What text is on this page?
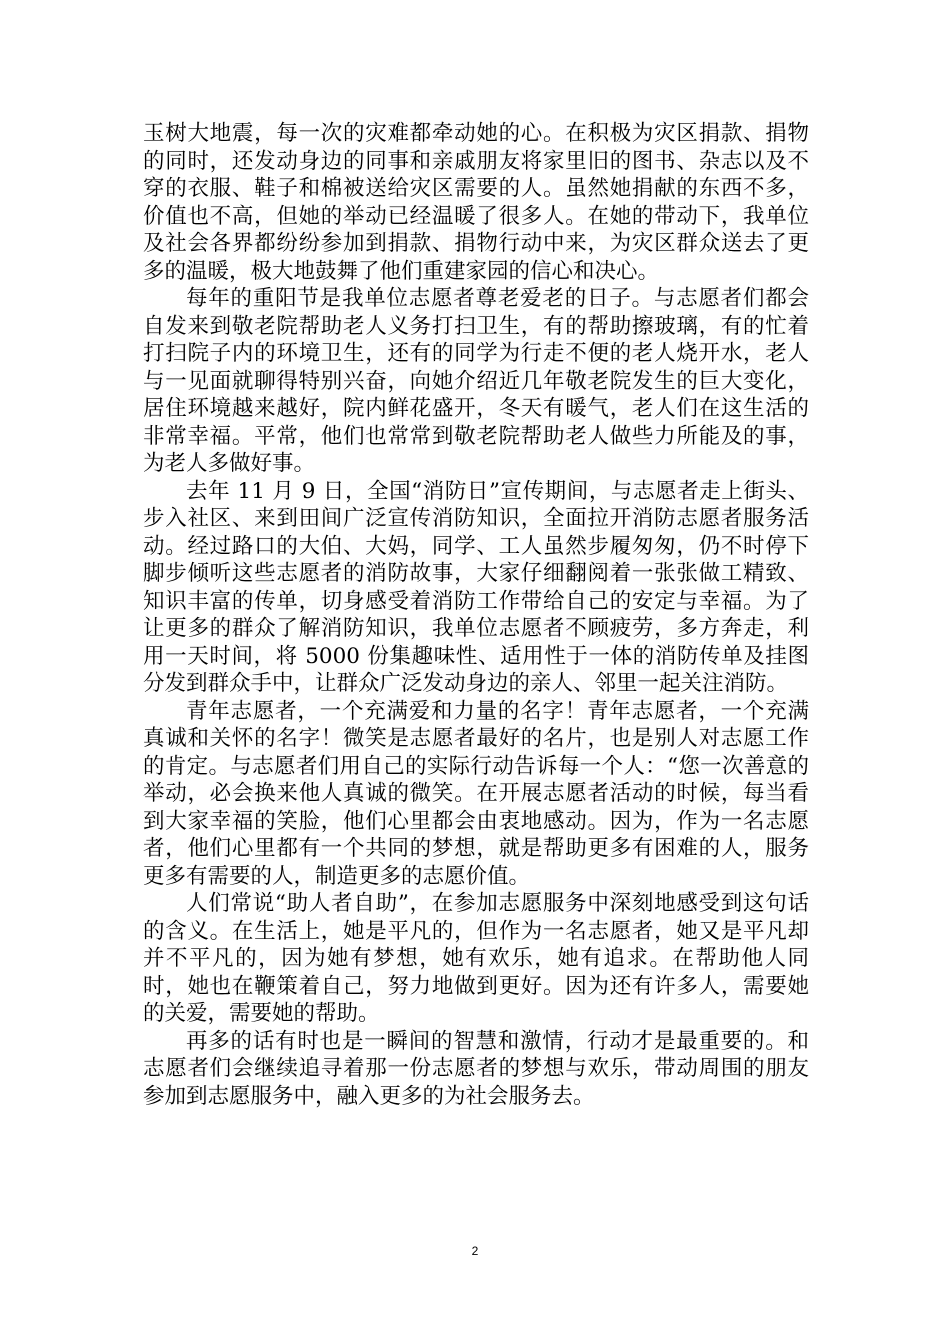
玉树大地震，每一次的灾难都牵动她的心。在积极为灾区捐款、捐物的同时，还发动身边的同事和亲戚朋友将家里旧的图书、杂志以及不穿的衣服、鞋子和棉被送给灾区需要的人。虽然她捐献的东西不多，价值也不高，但她的举动已经温暖了很多人。在她的带动下，我单位及社会各界都纷纷参加到捐款、捐物行动中来，为灾区群众送去了更多的温暖，极大地鼓舞了他们重建家园的信心和决心。

每年的重阳节是我单位志愿者尊老爱老的日子。与志愿者们都会自发来到敬老院帮助老人义务打扫卫生，有的帮助擦玻璃，有的忙着打扫院子内的环境卫生，还有的同学为行走不便的老人烧开水，老人与一见面就聊得特别兴奋，向她介绍近几年敬老院发生的巨大变化，居住环境越来越好，院内鲜花盛开，冬天有暖气，老人们在这生活的非常幸福。平常，他们也常常到敬老院帮助老人做些力所能及的事，为老人多做好事。

去年 11 月 9 日，全国“消防日”宣传期间，与志愿者走上街头、步入社区、来到田间广泛宣传消防知识，全面拉开消防志愿者服务活动。经过路口的大伯、大妈，同学、工人虽然步履匆匆，仍不时停下脚步倾听这些志愿者的消防故事，大家仔细翻阅着一张张做工精致、知识丰富的传单，切身感受着消防工作带给自己的安定与幸福。为了让更多的群众了解消防知识，我单位志愿者不顾疲劳，多方奔走，利用一天时间，将 5000 份集趣味性、适用性于一体的消防传单及挂图分发到群众手中，让群众广泛发动身边的亲人、邻里一起关注消防。

青年志愿者，一个充满爱和力量的名字！青年志愿者，一个充满真诚和关怀的名字！微笑是志愿者最好的名片，也是别人对志愿工作的肯定。与志愿者们用自己的实际行动告诉每一个人：“您一次善意的举动，必会换来他人真诚的微笑。在开展志愿者活动的时候，每当看到大家幸福的笑脸，他们心里都会由衷地感动。因为，作为一名志愿者，他们心里都有一个共同的梦想，就是帮助更多有困难的人，服务更多有需要的人，制造更多的志愿价值。

人们常说“助人者自助”，在参加志愿服务中深刻地感受到这句话的含义。在生活上，她是平凡的，但作为一名志愿者，她又是平凡却并不平凡的，因为她有梦想，她有欢乐，她有追求。在帮助他人同时，她也在鞭策着自己，努力地做到更好。因为还有许多人，需要她的关爱，需要她的帮助。

再多的话有时也是一瞬间的智慧和激情，行动才是最重要的。和志愿者们会继续追寻着那一份志愿者的梦想与欢乐，带动周围的朋友参加到志愿服务中，融入更多的为社会服务去。

2
